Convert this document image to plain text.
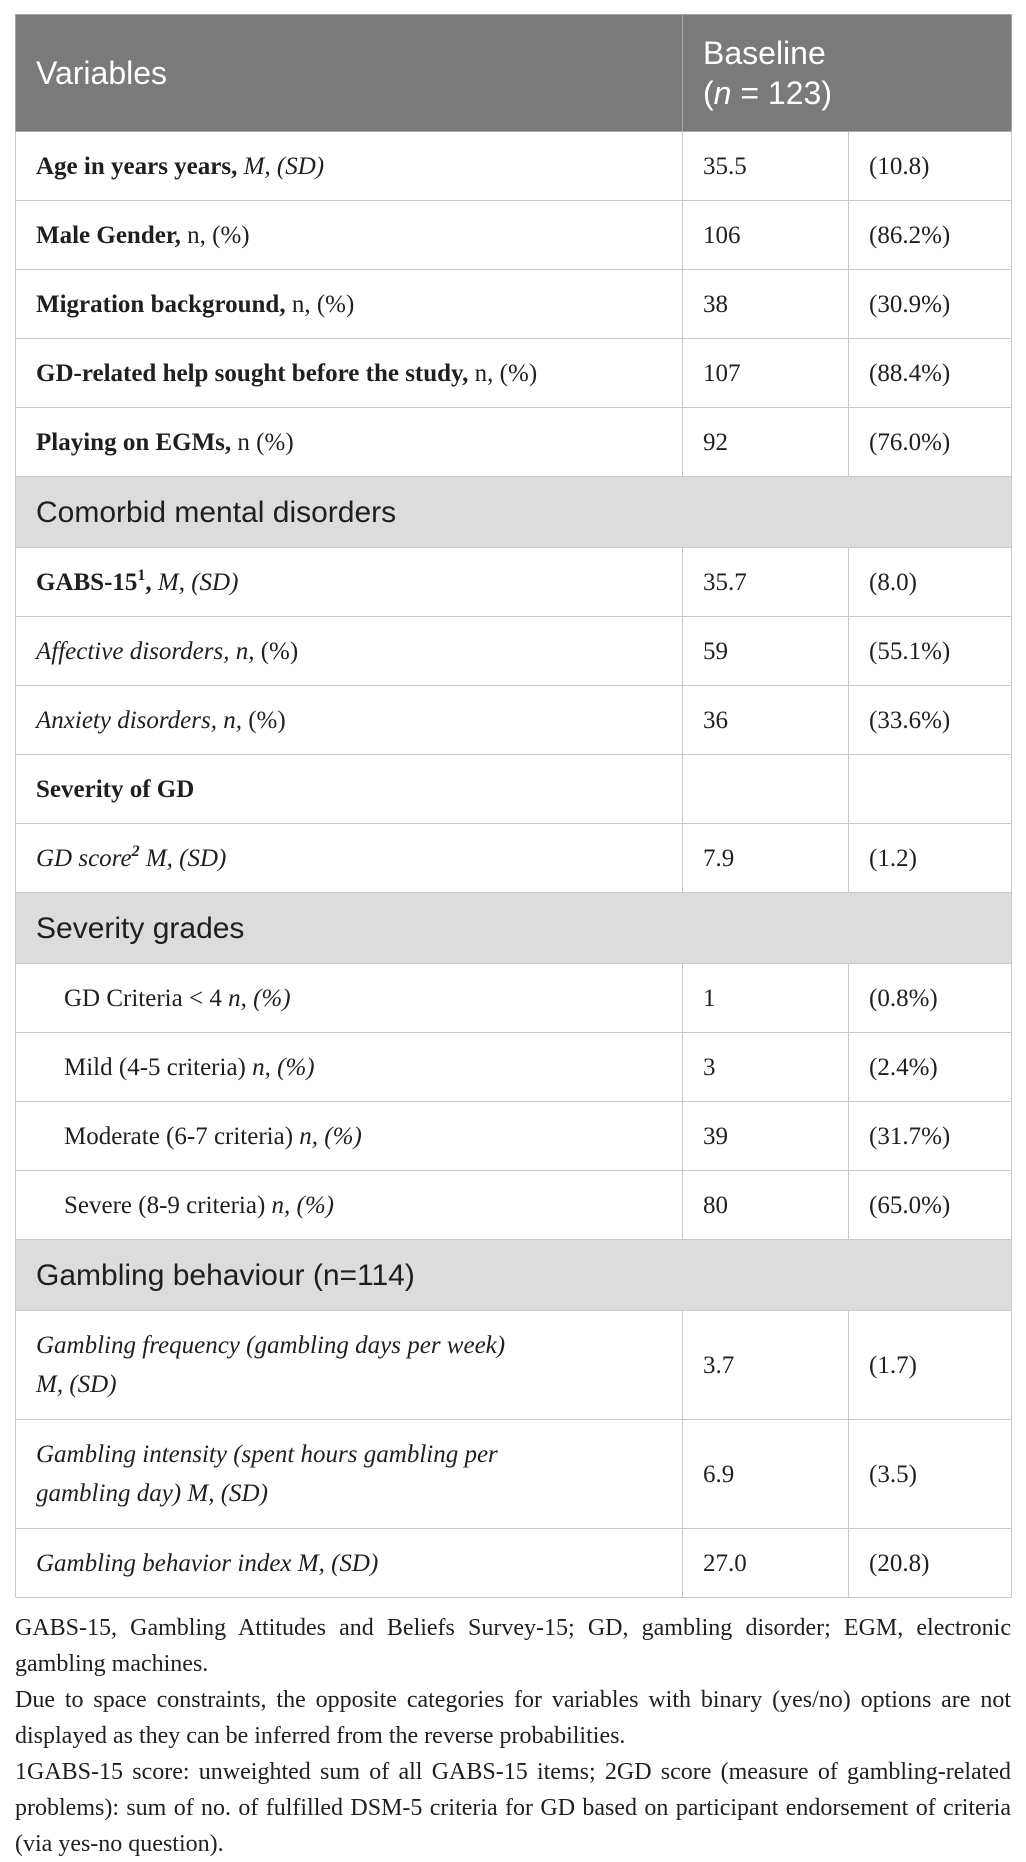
Variables	Baseline
(n = 123)	
Age in years years, M, (SD)	35.5	(10.8)
Male Gender, n, (%)	106	(86.2%)
Migration background, n, (%)	38	(30.9%)
GD-related help sought before the study, n, (%)	107	(88.4%)
Playing on EGMs, n (%)	92	(76.0%)
Comorbid mental disorders		
GABS-$15^1$, M, (SD)	35.7	(8.0)
Affective disorders, n, (%)	59	(55.1%)
Anxiety disorders, n, (%)	36	(33.6%)
Severity of GD		
GD score$^2$ M, (SD)	7.9	(1.2)
Severity grades		
GD Criteria < 4 n, (%)	1	(0.8%)
Mild (4-5 criteria) n, (%)	3	(2.4%)
Moderate (6-7 criteria) n, (%)	39	(31.7%)
Severe (8-9 criteria) n, (%)	80	(65.0%)
Gambling behaviour (n=114)		
Gambling frequency (gambling days per week)
M, (SD)	3.7	(1.7)
Gambling intensity (spent hours gambling per
gambling day) M, (SD)	6.9	(3.5)
Gambling behavior index M, (SD)	27.0	(20.8)

GABS-15, Gambling Attitudes and Beliefs Survey-15; GD, gambling disorder; EGM, electronic gambling machines.

Due to space constraints, the opposite categories for variables with binary (yes/no) options are not displayed as they can be inferred from the reverse probabilities.

1GABS-15 score: unweighted sum of all GABS-15 items; 2GD score (measure of gambling-related problems): sum of no. of fulfilled DSM-5 criteria for GD based on participant endorsement of criteria (via yes-no question).
